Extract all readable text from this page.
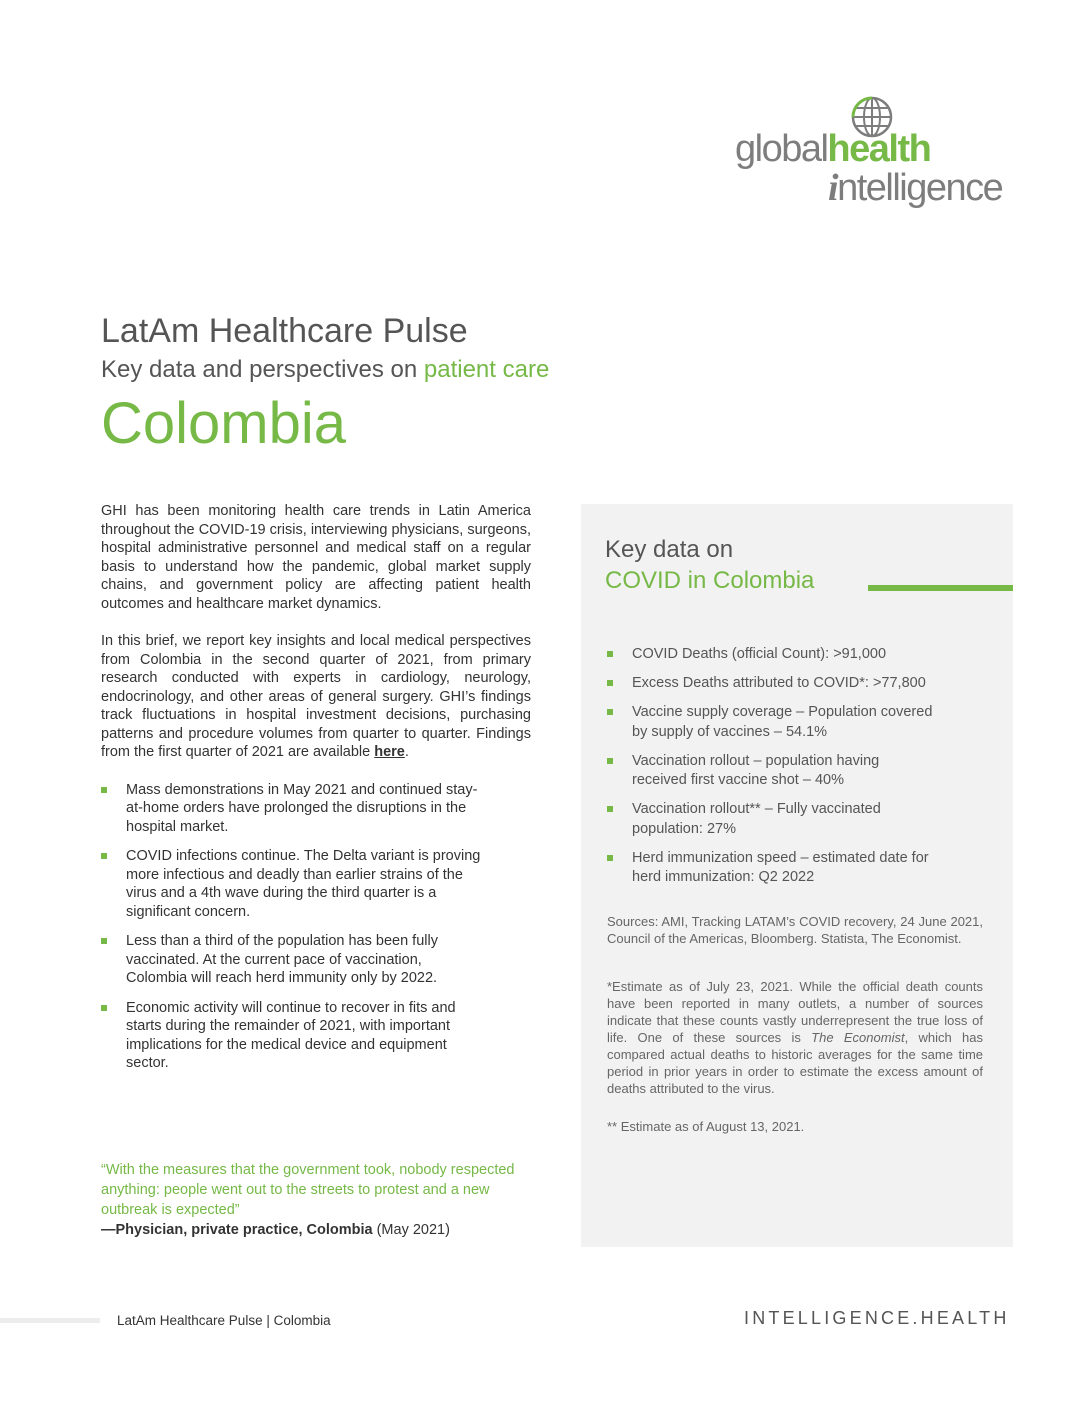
globalhealth
intelligence
LatAm Healthcare Pulse
Key data and perspectives on patient care
Colombia

GHI has been monitoring health care trends in Latin America throughout the COVID-19 crisis, interviewing physicians, surgeons, hospital administrative personnel and medical staff on a regular basis to understand how the pandemic, global market supply chains, and government policy are affecting patient health outcomes and healthcare market dynamics.

In this brief, we report key insights and local medical perspectives from Colombia in the second quarter of 2021, from primary research conducted with experts in cardiology, neurology, endocrinology, and other areas of general surgery. GHI’s findings track fluctuations in hospital investment decisions, purchasing patterns and procedure volumes from quarter to quarter. Findings from the first quarter of 2021 are available here.

Mass demonstrations in May 2021 and continued stay-at-home orders have prolonged the disruptions in the hospital market.
COVID infections continue. The Delta variant is proving more infectious and deadly than earlier strains of the virus and a 4th wave during the third quarter is a significant concern.
Less than a third of the population has been fully vaccinated. At the current pace of vaccination, Colombia will reach herd immunity only by 2022.
Economic activity will continue to recover in fits and starts during the remainder of 2021, with important implications for the medical device and equipment sector.

“With the measures that the government took, nobody respected anything: people went out to the streets to protest and a new outbreak is expected”

—Physician, private practice, Colombia (May 2021)

Key data on
COVID in Colombia
COVID Deaths (official Count): >91,000
Excess Deaths attributed to COVID*: >77,800
Vaccine supply coverage – Population covered by supply of vaccines – 54.1%
Vaccination rollout – population having received first vaccine shot – 40%
Vaccination rollout** – Fully vaccinated population: 27%
Herd immunization speed – estimated date for herd immunization: Q2 2022

Sources: AMI, Tracking LATAM’s COVID recovery, 24 June 2021, Council of the Americas, Bloomberg. Statista, The Economist.

*Estimate as of July 23, 2021. While the official death counts have been reported in many outlets, a number of sources indicate that these counts vastly underrepresent the true loss of life. One of these sources is The Economist, which has compared actual deaths to historic averages for the same time period in prior years in order to estimate the excess amount of deaths attributed to the virus.

** Estimate as of August 13, 2021.

LatAm Healthcare Pulse | Colombia	INTELLIGENCE.HEALTH
